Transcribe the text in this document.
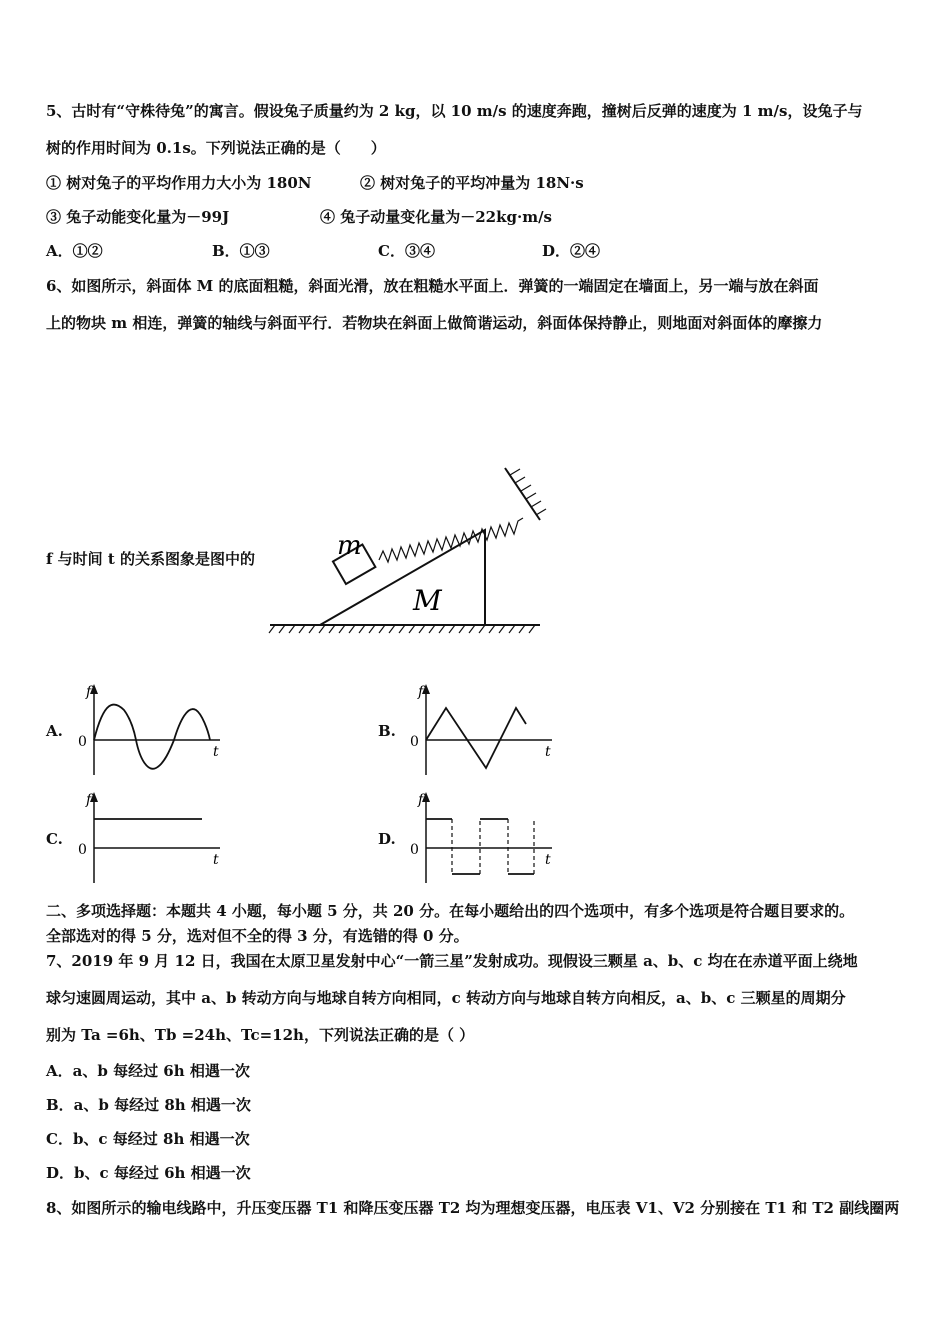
5、古时有“守株待兔”的寓言。假设兔子质量约为 2 kg，以 10 m/s 的速度奔跑，撞树后反弹的速度为 1 m/s，设兔子与
树的作用时间为 0.1s。下列说法正确的是（　　）
① 树对兔子的平均作用力大小为 180N	② 树对兔子的平均冲量为 18N·s
③ 兔子动能变化量为－99J	④ 兔子动量变化量为－22kg·m/s
A．①②	B．①③	C．③④	D．②④
6、如图所示，斜面体 M 的底面粗糙，斜面光滑，放在粗糙水平面上．弹簧的一端固定在墙面上，另一端与放在斜面
上的物块 m 相连，弹簧的轴线与斜面平行．若物块在斜面上做简谐运动，斜面体保持静止，则地面对斜面体的摩擦力
f 与时间 t 的关系图象是图中的	m
M
A.
f
0
t
B.
f
0
t
C.
f
0
t
D.
f
0
t
二、多项选择题：本题共 4 小题，每小题 5 分，共 20 分。在每小题给出的四个选项中，有多个选项是符合题目要求的。
全部选对的得 5 分，选对但不全的得 3 分，有选错的得 0 分。
7、2019 年 9 月 12 日，我国在太原卫星发射中心“一箭三星”发射成功。现假设三颗星 a、b、c 均在在赤道平面上绕地
球匀速圆周运动，其中 a、b 转动方向与地球自转方向相同，c 转动方向与地球自转方向相反，a、b、c 三颗星的周期分
别为 Ta =6h、Tb =24h、Tc=12h，下列说法正确的是（ ）
A．a、b 每经过 6h 相遇一次
B．a、b 每经过 8h 相遇一次
C．b、c 每经过 8h 相遇一次
D．b、c 每经过 6h 相遇一次
8、如图所示的输电线路中，升压变压器 T1 和降压变压器 T2 均为理想变压器，电压表 V1、V2 分别接在 T1 和 T2 副线圈两
